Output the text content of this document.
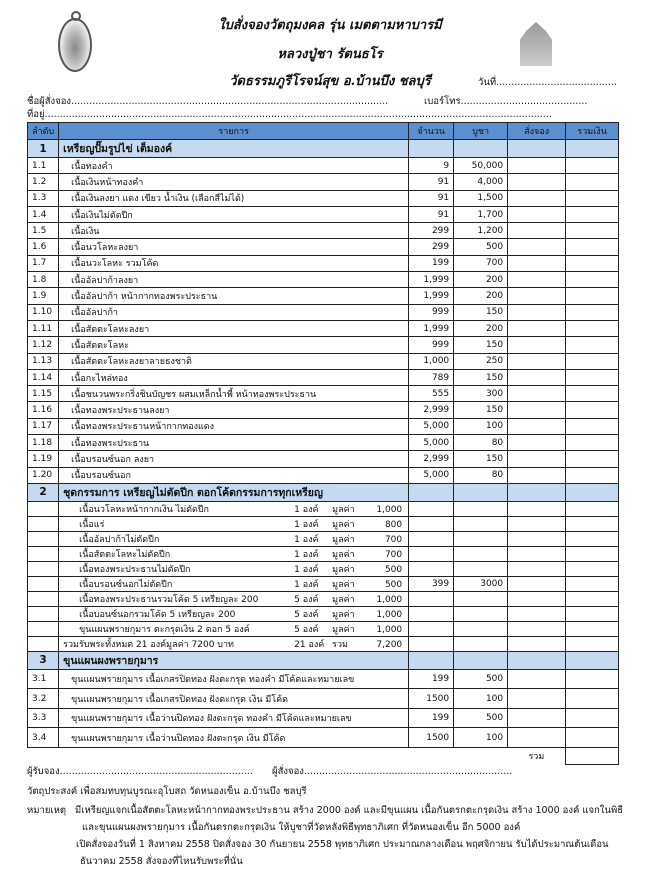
ใบสั่งจองวัตถุมงคล รุ่น เมตตามหาบารมี
หลวงปู่ชา รัตนธโร
วัดธรรมภูรีโรจน์สุข อ.บ้านบึง ชลบุรี	วันที่........................................
ชื่อผู้สั่งจอง.........................................................................................................	เบอร์โทร..........................................
ที่อยู่........................................................................................................................................................................
ลำดับ	รายการ	จำนวน	บูชา	สั่งจอง	รวมเงิน
1	เหรียญปั๊มรูปไข่ เต็มองค์				
1.1	เนื้อทองคำ	9	50,000		
1.2	เนื้อเงินหน้าทองคำ	91	4,000		
1.3	เนื้อเงินลงยา แดง เขียว น้ำเงิน (เลือกสีไม่ได้)	91	1,500		
1.4	เนื้อเงินไม่ตัดปีก	91	1,700		
1.5	เนื้อเงิน	299	1,200		
1.6	เนื้อนวโลหะลงยา	299	500		
1.7	เนื้อนวะโลหะ รวมโค้ด	199	700		
1.8	เนื้ออัลปาก้าลงยา	1,999	200		
1.9	เนื้ออัลปาก้า หน้ากากทองพระประธาน	1,999	200		
1.10	เนื้ออัลปาก้า	999	150		
1.11	เนื้อสัตตะโลหะลงยา	1,999	200		
1.12	เนื้อสัตตะโลหะ	999	150		
1.13	เนื้อสัตตะโลหะลงยาลายธงชาติ	1,000	250		
1.14	เนื้อกะไหล่ทอง	789	150		
1.15	เนื้อชนวนพระกริ่งชินบัญชร ผสมเหล็กน้ำพี้ หน้าทองพระประธาน	555	300		
1.16	เนื้อทองพระประธานลงยา	2,999	150		
1.17	เนื้อทองพระประธานหน้ากากทองแดง	5,000	100		
1.18	เนื้อทองพระประธาน	5,000	80		
1.19	เนื้อบรอนซ์นอก ลงยา	2,999	150		
1.20	เนื้อบรอนซ์นอก	5,000	80		
2	ชุดกรรมการ เหรียญไม่ตัดปีก ตอกโค้ดกรรมการทุกเหรียญ				
	เนื้อนวโลหะหน้ากากเงิน ไม่ตัดปีก 1 องค์ มูลค่า 1,000				
	เนื้อแร่ 1 องค์ มูลค่า 800				
	เนื้ออัลปาก้าไม่ตัดปีก 1 องค์ มูลค่า 700				
	เนื้อสัตตะโลหะไม่ตัดปีก 1 องค์ มูลค่า 700				
	เนื้อทองพระประธานไม่ตัดปีก 1 องค์ มูลค่า 500				
	เนื้อบรอนซ์นอกไม่ตัดปีก 1 องค์ มูลค่า 500	399	3000		
	เนื้อทองพระประธานรวมโค้ด 5 เหรียญละ 200 5 องค์ มูลค่า 1,000				
	เนื้อบอนซ์นอกรวมโค้ด 5 เหรียญละ 200 5 องค์ มูลค่า 1,000				
	ขุนแผนพรายกุมาร ตะกรุดเงิน 2 ดอก 5 องค์ 5 องค์ มูลค่า 1,000				
	รวมรับพระทั้งหมด 21 องค์มูลค่า 7200 บาท 21 องค์ รวม 7,200				
3	ขุนแผนผงพรายกุมาร				
3.1	ขุนแผนพรายกุมาร เนื้อเกสรปิดทอง ฝังตะกรุด ทองคำ มีโค้ดและหมายเลข	199	500		
3.2	ขุนแผนพรายกุมาร เนื้อเกสรปิดทอง ฝังตะกรุด เงิน มีโค้ด	1500	100		
3.3	ขุนแผนพรายกุมาร เนื้อว่านปิดทอง ฝังตะกรุด ทองคำ มีโค้ดและหมายเลข	199	500		
3.4	ขุนแผนพรายกุมาร เนื้อว่านปิดทอง ฝังตะกรุด เงิน มีโค้ด	1500	100		
				รวม	
ผู้รับจอง................................................................ ผู้สั่งจอง.....................................................................
วัตถุประสงค์ เพื่อสมทบทุนบูรณะอุโบสถ วัดหนองเข็น อ.บ้านบึง ชลบุรี
หมายเหตุ มีเหรียญแจกเนื้อสัตตะโลหะหน้ากากทองพระประธาน สร้าง 2000 องค์ และมีขุนแผน เนื้อกันตรกตะกรุดเงิน สร้าง 1000 องค์ แจกในพิธี
และขุนแผนผงพรายกุมาร เนื้อกันตรกตะกรุดเงิน ให้บูชาที่วัดหลังพิธีพุทธาภิเศก ที่วัดหนองเข็น อีก 5000 องค์
เปิดสั่งจองวันที่ 1 สิงหาคม 2558 ปิดสั่งจอง 30 กันยายน 2558 พุทธาภิเศก ประมาณกลางเดือน พฤศจิกายน รับได้ประมาณต้นเดือน
ธันวาคม 2558 สั่งจองที่ไหนรับพระที่นั่น
